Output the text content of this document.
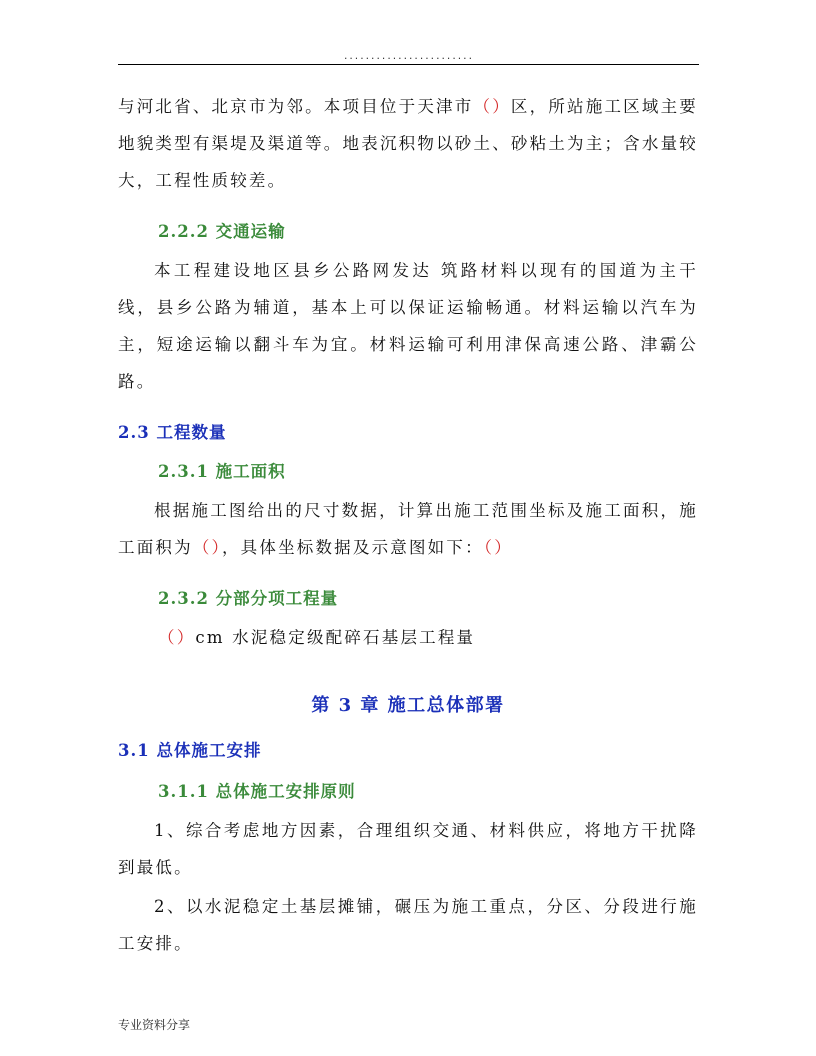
........................

与河北省、北京市为邻。本项目位于天津市（）区，所站施工区域主要地貌类型有渠堤及渠道等。地表沉积物以砂土、砂粘土为主；含水量较大，工程性质较差。

2.2.2 交通运输

本工程建设地区县乡公路网发达 筑路材料以现有的国道为主干线，县乡公路为辅道，基本上可以保证运输畅通。材料运输以汽车为主，短途运输以翻斗车为宜。材料运输可利用津保高速公路、津霸公路。

2.3 工程数量

2.3.1 施工面积

根据施工图给出的尺寸数据，计算出施工范围坐标及施工面积，施工面积为（），具体坐标数据及示意图如下：（）

2.3.2 分部分项工程量

（）cm 水泥稳定级配碎石基层工程量

第 3 章 施工总体部署

3.1 总体施工安排

3.1.1 总体施工安排原则

1、综合考虑地方因素，合理组织交通、材料供应，将地方干扰降到最低。

2、以水泥稳定土基层摊铺，碾压为施工重点，分区、分段进行施工安排。

专业资料分享
